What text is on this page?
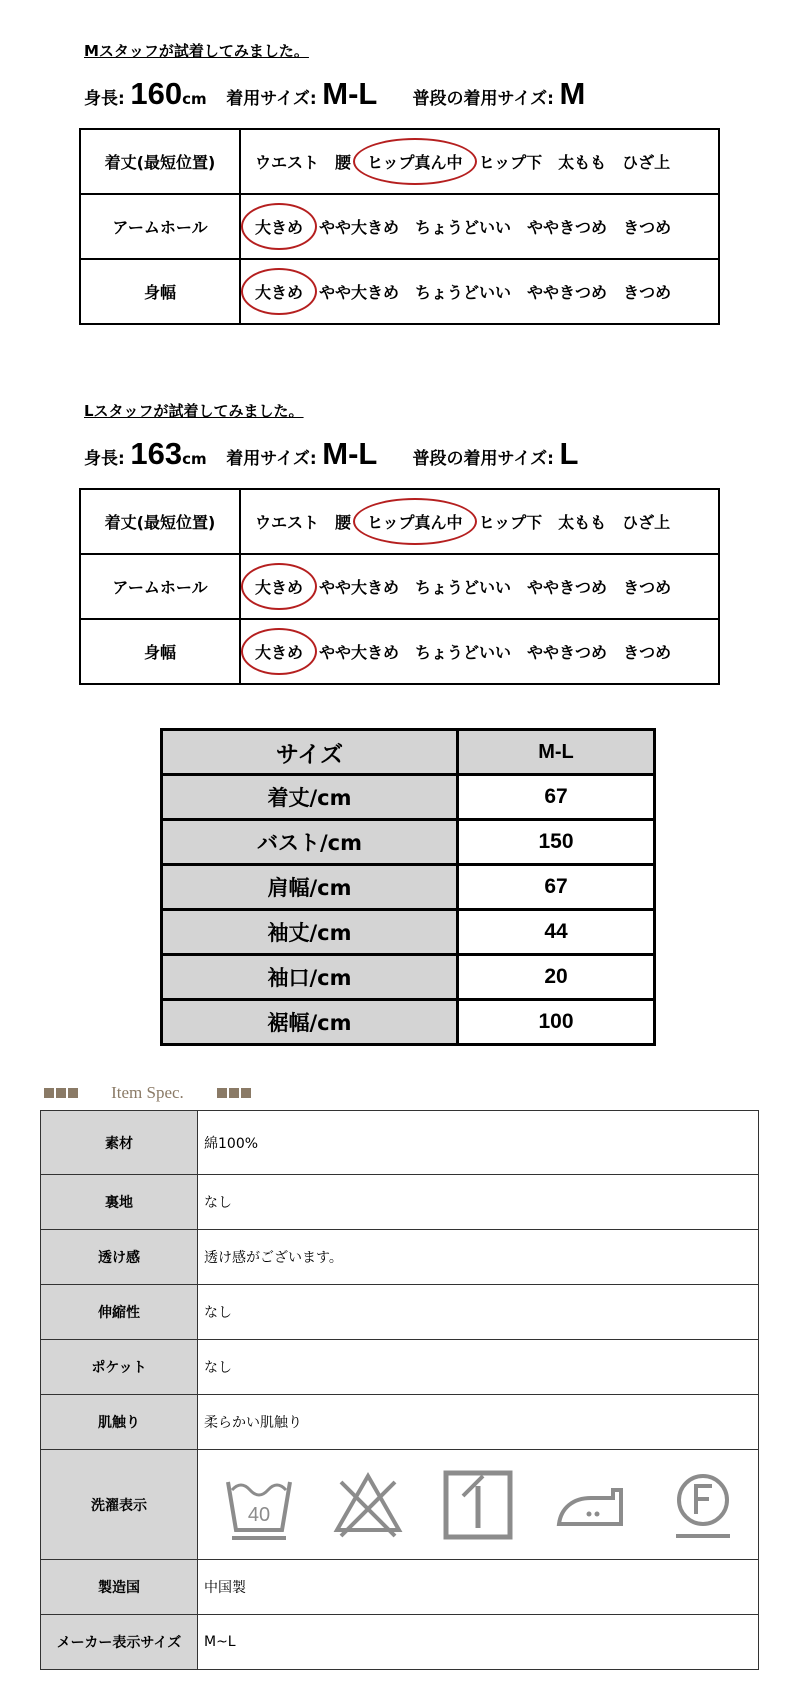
Mスタッフが試着してみました。
身長: 160cm 着用サイズ: M-L 普段の着用サイズ: M
着丈(最短位置)	ウエスト 腰 ヒップ真ん中 ヒップ下 太もも ひざ上
アームホール	大きめ やや大きめ ちょうどいい ややきつめ きつめ
身幅	大きめ やや大きめ ちょうどいい ややきつめ きつめ
Lスタッフが試着してみました。
身長: 163cm 着用サイズ: M-L 普段の着用サイズ: L
着丈(最短位置)	ウエスト 腰 ヒップ真ん中 ヒップ下 太もも ひざ上
アームホール	大きめ やや大きめ ちょうどいい ややきつめ きつめ
身幅	大きめ やや大きめ ちょうどいい ややきつめ きつめ
サイズ	M-L
着丈/cm	67
バスト/cm	150
肩幅/cm	67
袖丈/cm	44
袖口/cm	20
裾幅/cm	100
Item Spec.
素材	綿100%
裏地	なし
透け感	透け感がございます。
伸縮性	なし
ポケット	なし
肌触り	柔らかい肌触り
洗濯表示	40

製造国	中国製
メーカー表示サイズ	M~L
